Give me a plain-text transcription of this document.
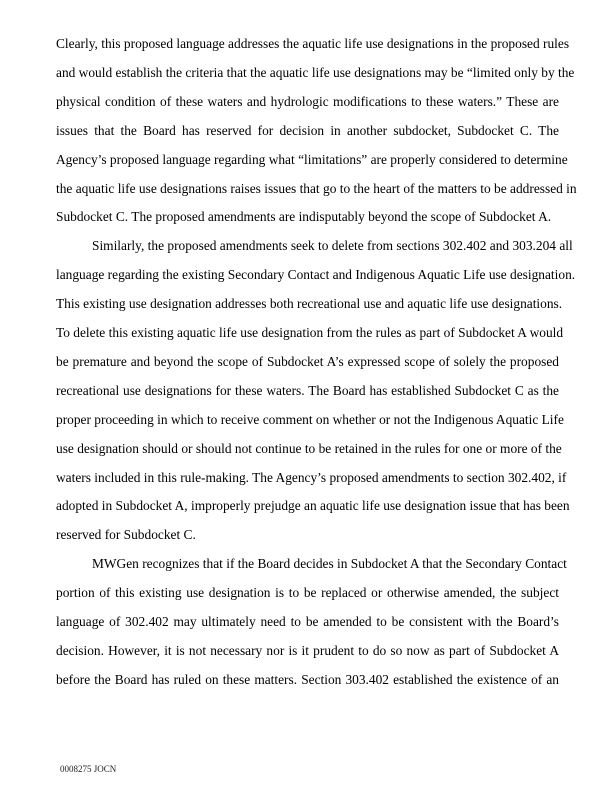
Clearly, this proposed language addresses the aquatic life use designations in the proposed rules
and would establish the criteria that the aquatic life use designations may be “limited only by the
physical condition of these waters and hydrologic modifications to these waters.” These are
issues that the Board has reserved for decision in another subdocket, Subdocket C. The
Agency’s proposed language regarding what “limitations” are properly considered to determine
the aquatic life use designations raises issues that go to the heart of the matters to be addressed in
Subdocket C. The proposed amendments are indisputably beyond the scope of Subdocket A.
Similarly, the proposed amendments seek to delete from sections 302.402 and 303.204 all
language regarding the existing Secondary Contact and Indigenous Aquatic Life use designation.
This existing use designation addresses both recreational use and aquatic life use designations.
To delete this existing aquatic life use designation from the rules as part of Subdocket A would
be premature and beyond the scope of Subdocket A’s expressed scope of solely the proposed
recreational use designations for these waters. The Board has established Subdocket C as the
proper proceeding in which to receive comment on whether or not the Indigenous Aquatic Life
use designation should or should not continue to be retained in the rules for one or more of the
waters included in this rule-making. The Agency’s proposed amendments to section 302.402, if
adopted in Subdocket A, improperly prejudge an aquatic life use designation issue that has been
reserved for Subdocket C.
MWGen recognizes that if the Board decides in Subdocket A that the Secondary Contact
portion of this existing use designation is to be replaced or otherwise amended, the subject
language of 302.402 may ultimately need to be amended to be consistent with the Board’s
decision. However, it is not necessary nor is it prudent to do so now as part of Subdocket A
before the Board has ruled on these matters. Section 303.402 established the existence of an
0008275 JOCN
